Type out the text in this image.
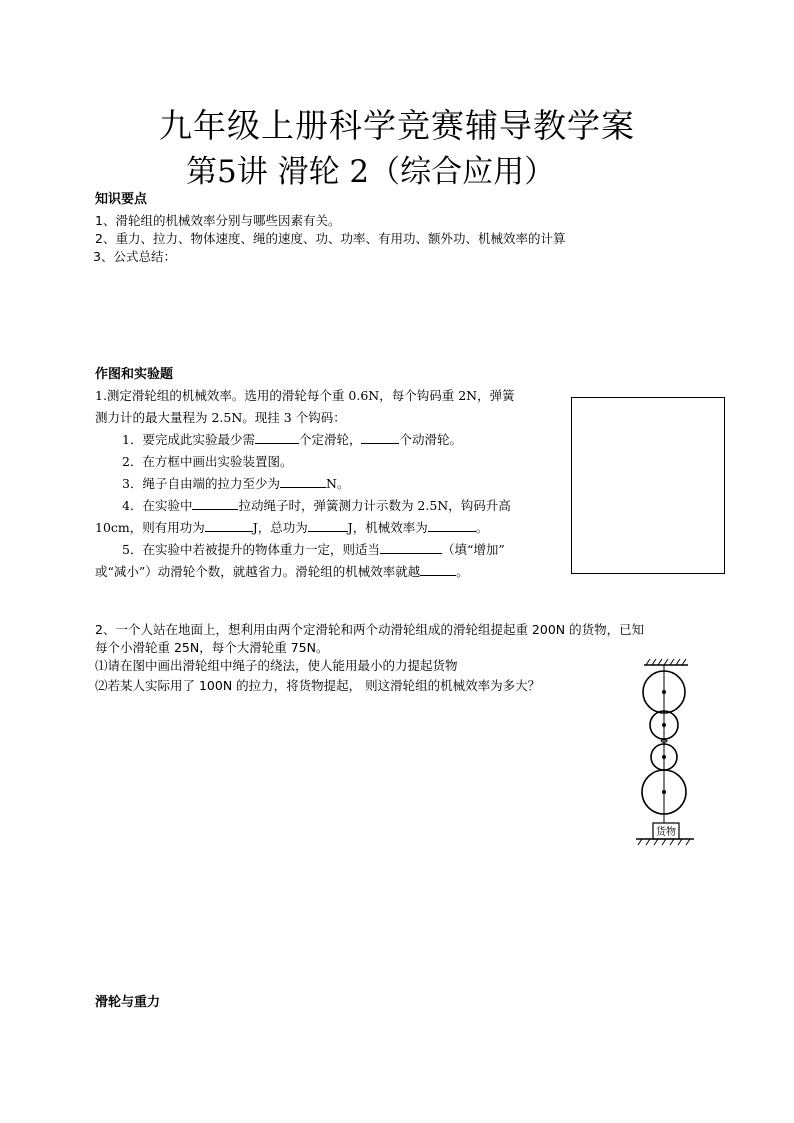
九年级上册科学竞赛辅导教学案
第5讲 滑轮 2（综合应用）
知识要点
1、滑轮组的机械效率分别与哪些因素有关。
2、重力、拉力、物体速度、绳的速度、功、功率、有用功、额外功、机械效率的计算
3、公式总结：
作图和实验题
1.测定滑轮组的机械效率。选用的滑轮每个重 0.6N，每个钩码重 2N，弹簧
测力计的最大量程为 2.5N。现挂 3 个钩码：
1．要完成此实验最少需	个定滑轮，	个动滑轮。
2．在方框中画出实验装置图。
3．绳子自由端的拉力至少为	N。
4．在实验中	拉动绳子时，弹簧测力计示数为 2.5N，钩码升高
10cm，则有用功为	J，总功为	J，机械效率为	。
5．在实验中若被提升的物体重力一定，则适当	（填“增加”
或“减小”）动滑轮个数，就越省力。滑轮组的机械效率就越	。
2、一个人站在地面上，想利用由两个定滑轮和两个动滑轮组成的滑轮组提起重 200N 的货物，已知
每个小滑轮重 25N，每个大滑轮重 75N。
⑴请在图中画出滑轮组中绳子的绕法，使人能用最小的力提起货物
⑵若某人实际用了 100N 的拉力，将货物提起， 则这滑轮组的机械效率为多大？
货物
滑轮与重力
